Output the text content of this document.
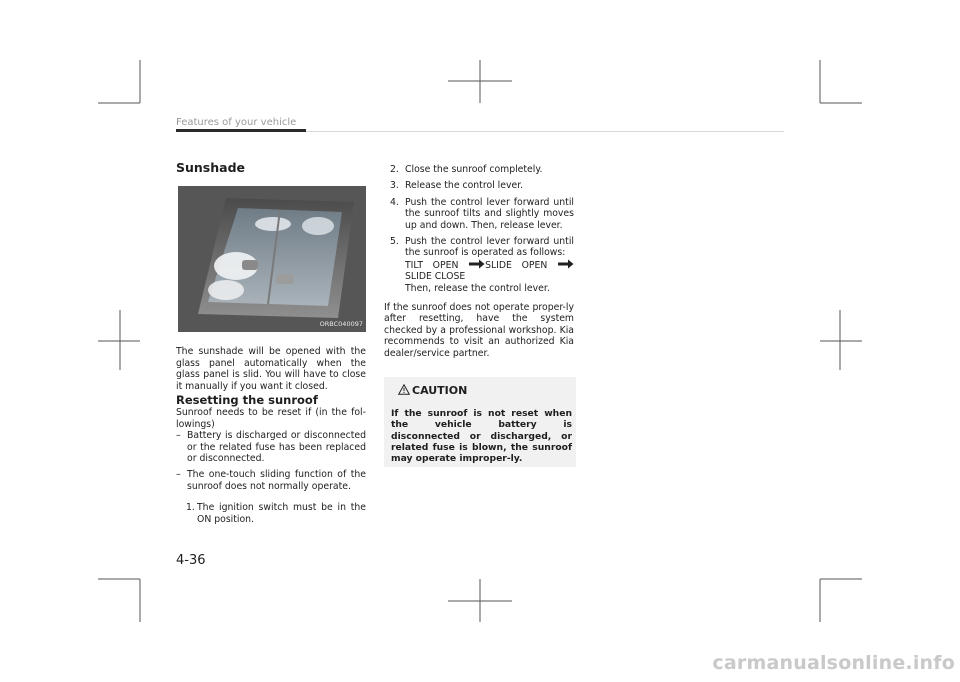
Features of your vehicle
Sunshade
ORBC040097

The sunshade will be opened with the glass panel automatically when the glass panel is slid. You will have to close it manually if you want it closed.

Resetting the sunroof

Sunroof needs to be reset if (in the fol-lowings)

– Battery is discharged or disconnected or the related fuse has been replaced or disconnected.
– The one-touch sliding function of the sunroof does not normally operate.
1. The ignition switch must be in the ON position.
2. Close the sunroof completely.
3. Release the control lever.
4. Push the control lever forward until the sunroof tilts and slightly moves up and down. Then, release lever.
5. Push the control lever forward until the sunroof is operated as follows:
TILT OPEN	SLIDE OPEN SLIDE CLOSE
Then, release the control lever.

If the sunroof does not operate proper-ly after resetting, have the system checked by a professional workshop. Kia recommends to visit an authorized Kia dealer/service partner.

CAUTION
If the sunroof is not reset when the vehicle battery is disconnected or discharged, or related fuse is blown, the sunroof may operate improper-ly.
4-36
carmanualsonline.info
